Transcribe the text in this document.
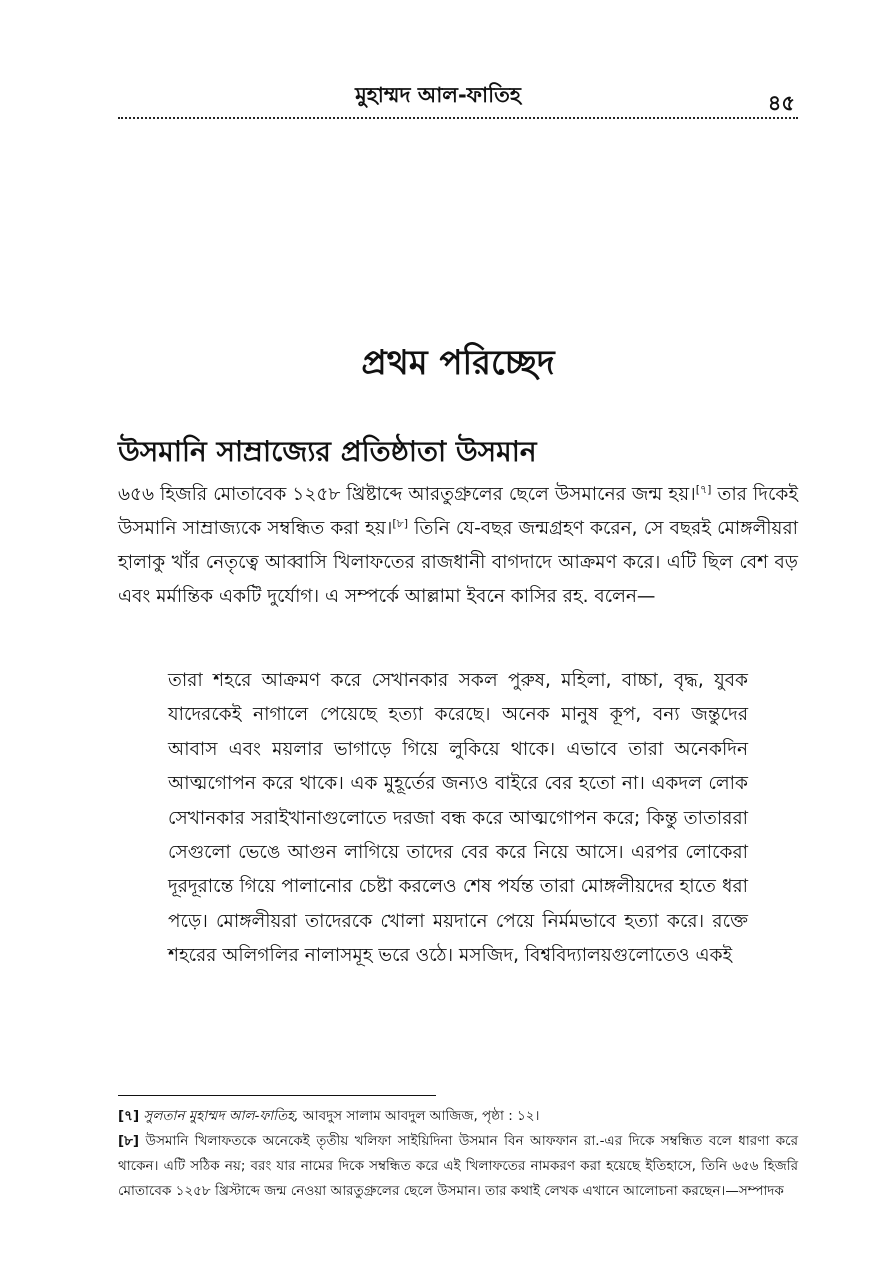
মুহাম্মদ আল-ফাতিহ	৪৫
প্রথম পরিচ্ছেদ
উসমানি সাম্রাজ্যের প্রতিষ্ঠাতা উসমান
৬৫৬ হিজরি মোতাবেক ১২৫৮ খ্রিষ্টাব্দে আরতুগ্রুলের ছেলে উসমানের জন্ম হয়।[৭] তার দিকেই উসমানি সাম্রাজ্যকে সম্বন্ধিত করা হয়।[৮] তিনি যে-বছর জন্মগ্রহণ করেন, সে বছরই মোঙ্গলীয়রা হালাকু খাঁর নেতৃত্বে আব্বাসি খিলাফতের রাজধানী বাগদাদে আক্রমণ করে। এটি ছিল বেশ বড় এবং মর্মান্তিক একটি দুর্যোগ। এ সম্পর্কে আল্লামা ইবনে কাসির রহ. বলেন—
তারা শহরে আক্রমণ করে সেখানকার সকল পুরুষ, মহিলা, বাচ্চা, বৃদ্ধ, যুবক যাদেরকেই নাগালে পেয়েছে হত্যা করেছে। অনেক মানুষ কূপ, বন্য জন্তুদের আবাস এবং ময়লার ভাগাড়ে গিয়ে লুকিয়ে থাকে। এভাবে তারা অনেকদিন আত্মগোপন করে থাকে। এক মুহূর্তের জন্যও বাইরে বের হতো না। একদল লোক সেখানকার সরাইখানাগুলোতে দরজা বন্ধ করে আত্মগোপন করে; কিন্তু তাতাররা সেগুলো ভেঙে আগুন লাগিয়ে তাদের বের করে নিয়ে আসে। এরপর লোকেরা দূরদূরান্তে গিয়ে পালানোর চেষ্টা করলেও শেষ পর্যন্ত তারা মোঙ্গলীয়দের হাতে ধরা পড়ে। মোঙ্গলীয়রা তাদেরকে খোলা ময়দানে পেয়ে নির্মমভাবে হত্যা করে। রক্তে শহরের অলিগলির নালাসমূহ ভরে ওঠে। মসজিদ, বিশ্ববিদ্যালয়গুলোতেও একই
[৭] সুলতান মুহাম্মদ আল-ফাতিহ, আবদুস সালাম আবদুল আজিজ, পৃষ্ঠা : ১২।
[৮] উসমানি খিলাফতকে অনেকেই তৃতীয় খলিফা সাইয়িদিনা উসমান বিন আফফান রা.-এর দিকে সম্বন্ধিত বলে ধারণা করে থাকেন। এটি সঠিক নয়; বরং যার নামের দিকে সম্বন্ধিত করে এই খিলাফতের নামকরণ করা হয়েছে ইতিহাসে, তিনি ৬৫৬ হিজরি মোতাবেক ১২৫৮ খ্রিস্টাব্দে জন্ম নেওয়া আরতুগ্রুলের ছেলে উসমান। তার কথাই লেখক এখানে আলোচনা করছেন।—সম্পাদক
